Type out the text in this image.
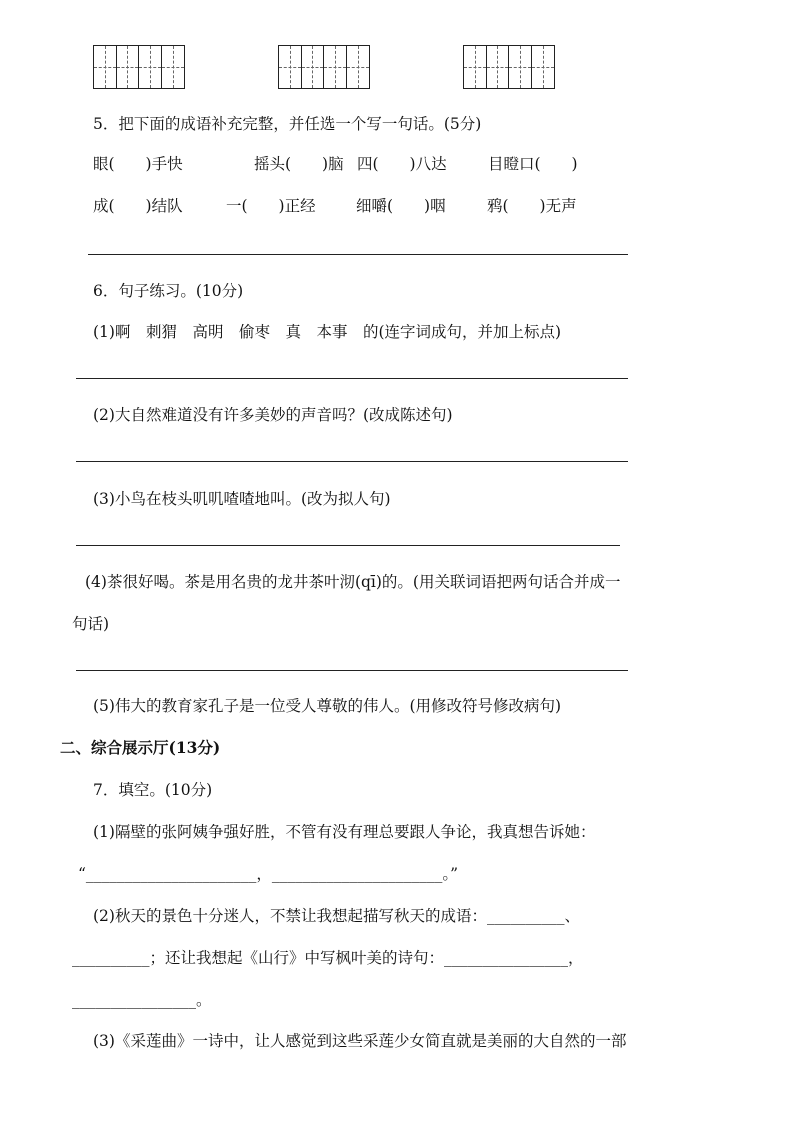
5．把下面的成语补充完整，并任选一个写一句话。(5分)
眼(　　)手快	摇头(　　)脑 四(　　)八达	目瞪口(　　)
成(　　)结队	一(　　)正经	细嚼(　　)咽	鸦(　　)无声
6．句子练习。(10分)
(1)啊　刺猬　高明　偷枣　真　本事　的(连字词成句，并加上标点)
(2)大自然难道没有许多美妙的声音吗？(改成陈述句)
(3)小鸟在枝头叽叽喳喳地叫。(改为拟人句)
(4)茶很好喝。茶是用名贵的龙井茶叶沏(qī)的。(用关联词语把两句话合并成一
句话)
(5)伟大的教育家孔子是一位受人尊敬的伟人。(用修改符号修改病句)
二、综合展示厅(13分)
7．填空。(10分)
(1)隔壁的张阿姨争强好胜，不管有没有理总要跟人争论，我真想告诉她：
“______________________，______________________。”
(2)秋天的景色十分迷人，不禁让我想起描写秋天的成语：__________、
__________；还让我想起《山行》中写枫叶美的诗句：________________，
________________。
(3)《采莲曲》一诗中，让人感觉到这些采莲少女简直就是美丽的大自然的一部
